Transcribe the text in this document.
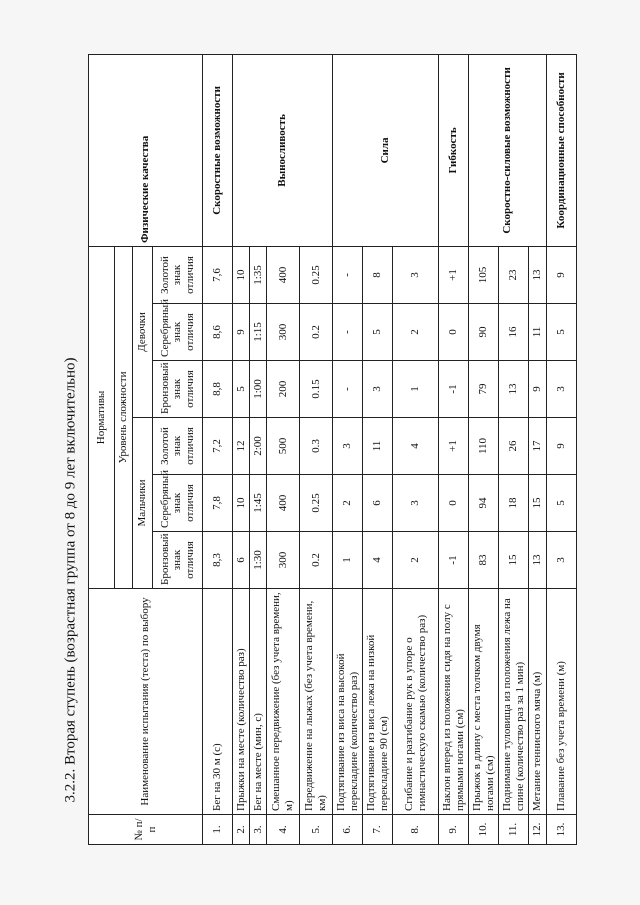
3.2.2. Вторая ступень (возрастная группа от 8 до 9 лет включительно)
№ п/п	Наименование испытания (теста) по выбору	Нормативы						Физические качества
		Уровень сложности						
		Мальчики			Девочки			
		Бронзовый знак отличия	Серебряный знак отличия	Золотой знак отличия	Бронзовый знак отличия	Серебряный знак отличия	Золотой знак отличия	
1.	Бег на 30 м (с)	8,3	7,8	7,2	8,8	8,6	7,6	Скоростные возможности
2.	Прыжки на месте (количество раз)	6	10	12	5	9	10	Выносливость
3.	Бег на месте (мин, с)	1:30	1:45	2:00	1:00	1:15	1:35	
4.	Смешанное передвижение (без учета времени, м)	300	400	500	200	300	400	
5.	Передвижение на лыжах (без учета времени, км)	0.2	0.25	0.3	0.15	0.2	0.25	
6.	Подтягивание из виса на высокой перекладине (количество раз)	1	2	3	-	-	-	Сила
7.	Подтягивание из виса лежа на низкой перекладине 90 (см)	4	6	11	3	5	8	
8.	Сгибание и разгибание рук в упоре о гимнастическую скамью (количество раз)	2	3	4	1	2	3	
9.	Наклон вперед из положения сидя на полу с прямыми ногами (см)	-1	0	+1	-1	0	+1	Гибкость
10.	Прыжок в длину с места толчком двумя ногами (см)	83	94	110	79	90	105	Скоростно-силовые возможности
11.	Поднимание туловища из положения лежа на спине (количество раз за 1 мин)	15	18	26	13	16	23	
12.	Метание теннисного мяча (м)	13	15	17	9	11	13	
13.	Плавание без учета времени (м)	3	5	9	3	5	9	Координационные способности
